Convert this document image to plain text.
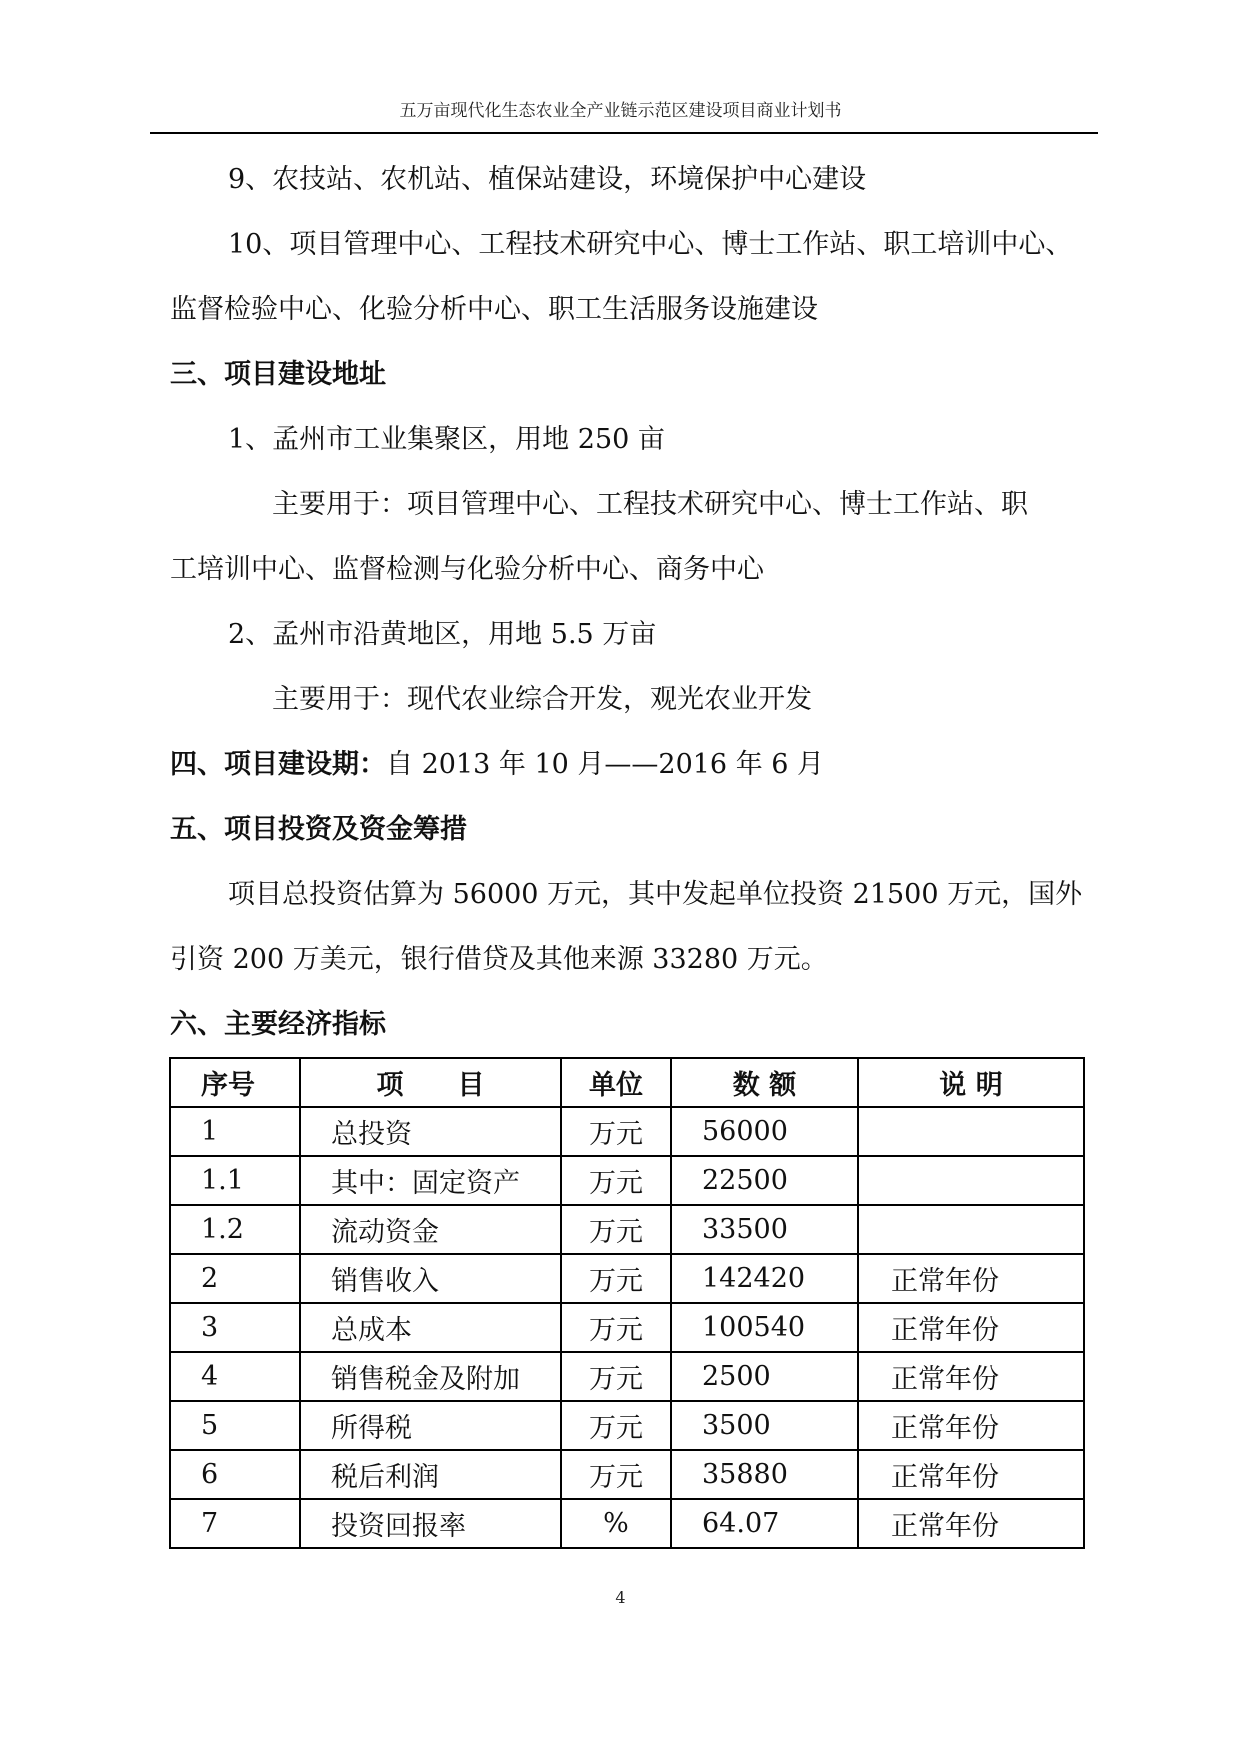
五万亩现代化生态农业全产业链示范区建设项目商业计划书
9、农技站、农机站、植保站建设，环境保护中心建设
10、项目管理中心、工程技术研究中心、博士工作站、职工培训中心、
监督检验中心、化验分析中心、职工生活服务设施建设
三、项目建设地址
1、孟州市工业集聚区，用地 250 亩
主要用于：项目管理中心、工程技术研究中心、博士工作站、职
工培训中心、监督检测与化验分析中心、商务中心
2、孟州市沿黄地区，用地 5.5 万亩
主要用于：现代农业综合开发，观光农业开发
四、项目建设期：自 2013 年 10 月——2016 年 6 月
五、项目投资及资金筹措
项目总投资估算为 56000 万元，其中发起单位投资 21500 万元，国外
引资 200 万美元，银行借贷及其他来源 33280 万元。
六、主要经济指标
序号	项　　目	单位	数 额	说 明
1	总投资	万元	56000	
1.1	其中：固定资产	万元	22500	
1.2	流动资金	万元	33500	
2	销售收入	万元	142420	正常年份
3	总成本	万元	100540	正常年份
4	销售税金及附加	万元	2500	正常年份
5	所得税	万元	3500	正常年份
6	税后利润	万元	35880	正常年份
7	投资回报率	%	64.07	正常年份
4
